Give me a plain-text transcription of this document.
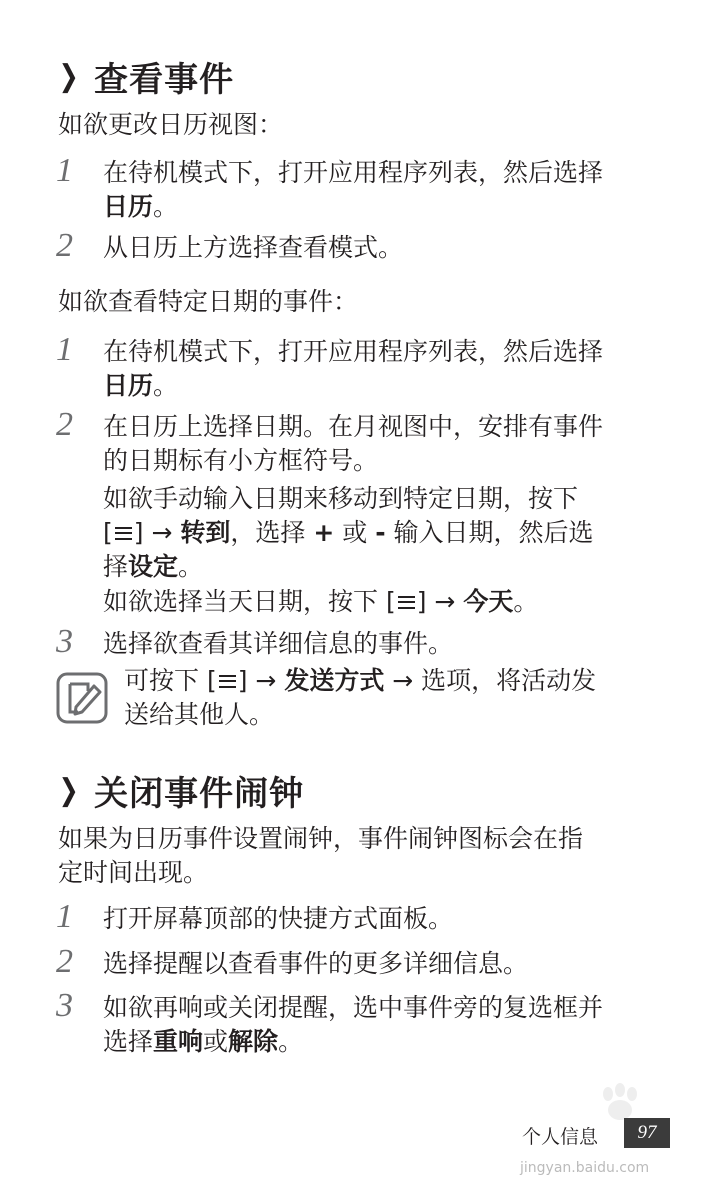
❯ 查看事件
如欲更改日历视图：
1 在待机模式下，打开应用程序列表，然后选择
日历。
2 从日历上方选择查看模式。
如欲查看特定日期的事件：
1 在待机模式下，打开应用程序列表，然后选择
日历。
2 在日历上选择日期。在月视图中，安排有事件
的日期标有小方框符号。
如欲手动输入日期来移动到特定日期，按下
[ ] → 转到，选择 + 或 - 输入日期，然后选
择设定。
如欲选择当天日期，按下 [ ] → 今天。
3 选择欲查看其详细信息的事件。
可按下 [ ] → 发送方式 → 选项，将活动发
送给其他人。
❯ 关闭事件闹钟
如果为日历事件设置闹钟，事件闹钟图标会在指
定时间出现。
1 打开屏幕顶部的快捷方式面板。
2 选择提醒以查看事件的更多详细信息。
3 如欲再响或关闭提醒，选中事件旁的复选框并
选择重响或解除。
jingyan.baidu.com
个人信息	97
